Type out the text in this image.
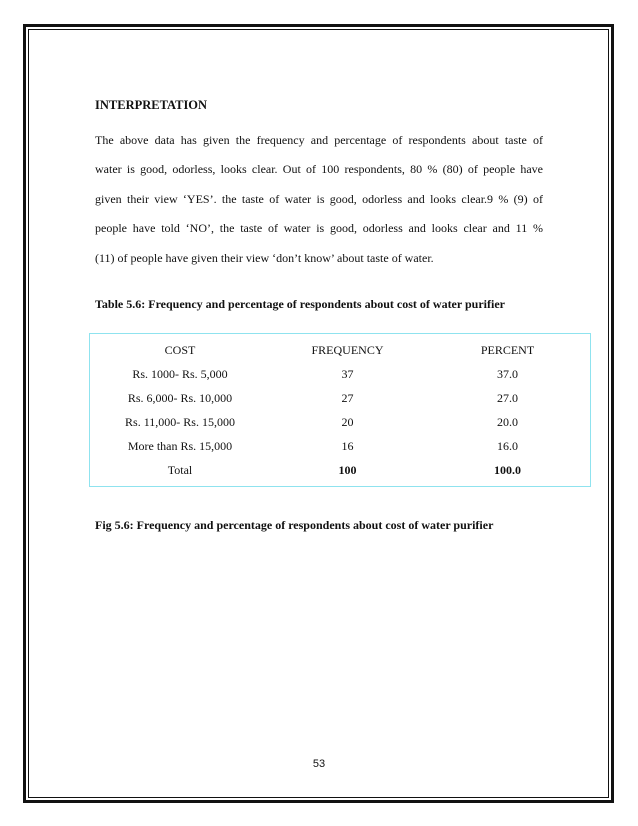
INTERPRETATION
The above data has given the frequency and percentage of respondents about taste of
water is good, odorless, looks clear. Out of 100 respondents, 80 % (80) of people have
given their view ‘YES’. the taste of water is good, odorless and looks clear.9 % (9) of
people have told ‘NO’, the taste of water is good, odorless and looks clear and 11 %
(11) of people have given their view ‘don’t know’ about taste of water.
Table 5.6: Frequency and percentage of respondents about cost of water purifier
COST	FREQUENCY	PERCENT
Rs. 1000- Rs. 5,000	37	37.0
Rs. 6,000- Rs. 10,000	27	27.0
Rs. 11,000- Rs. 15,000	20	20.0
More than Rs. 15,000	16	16.0
Total	100	100.0
Fig 5.6: Frequency and percentage of respondents about cost of water purifier
53
